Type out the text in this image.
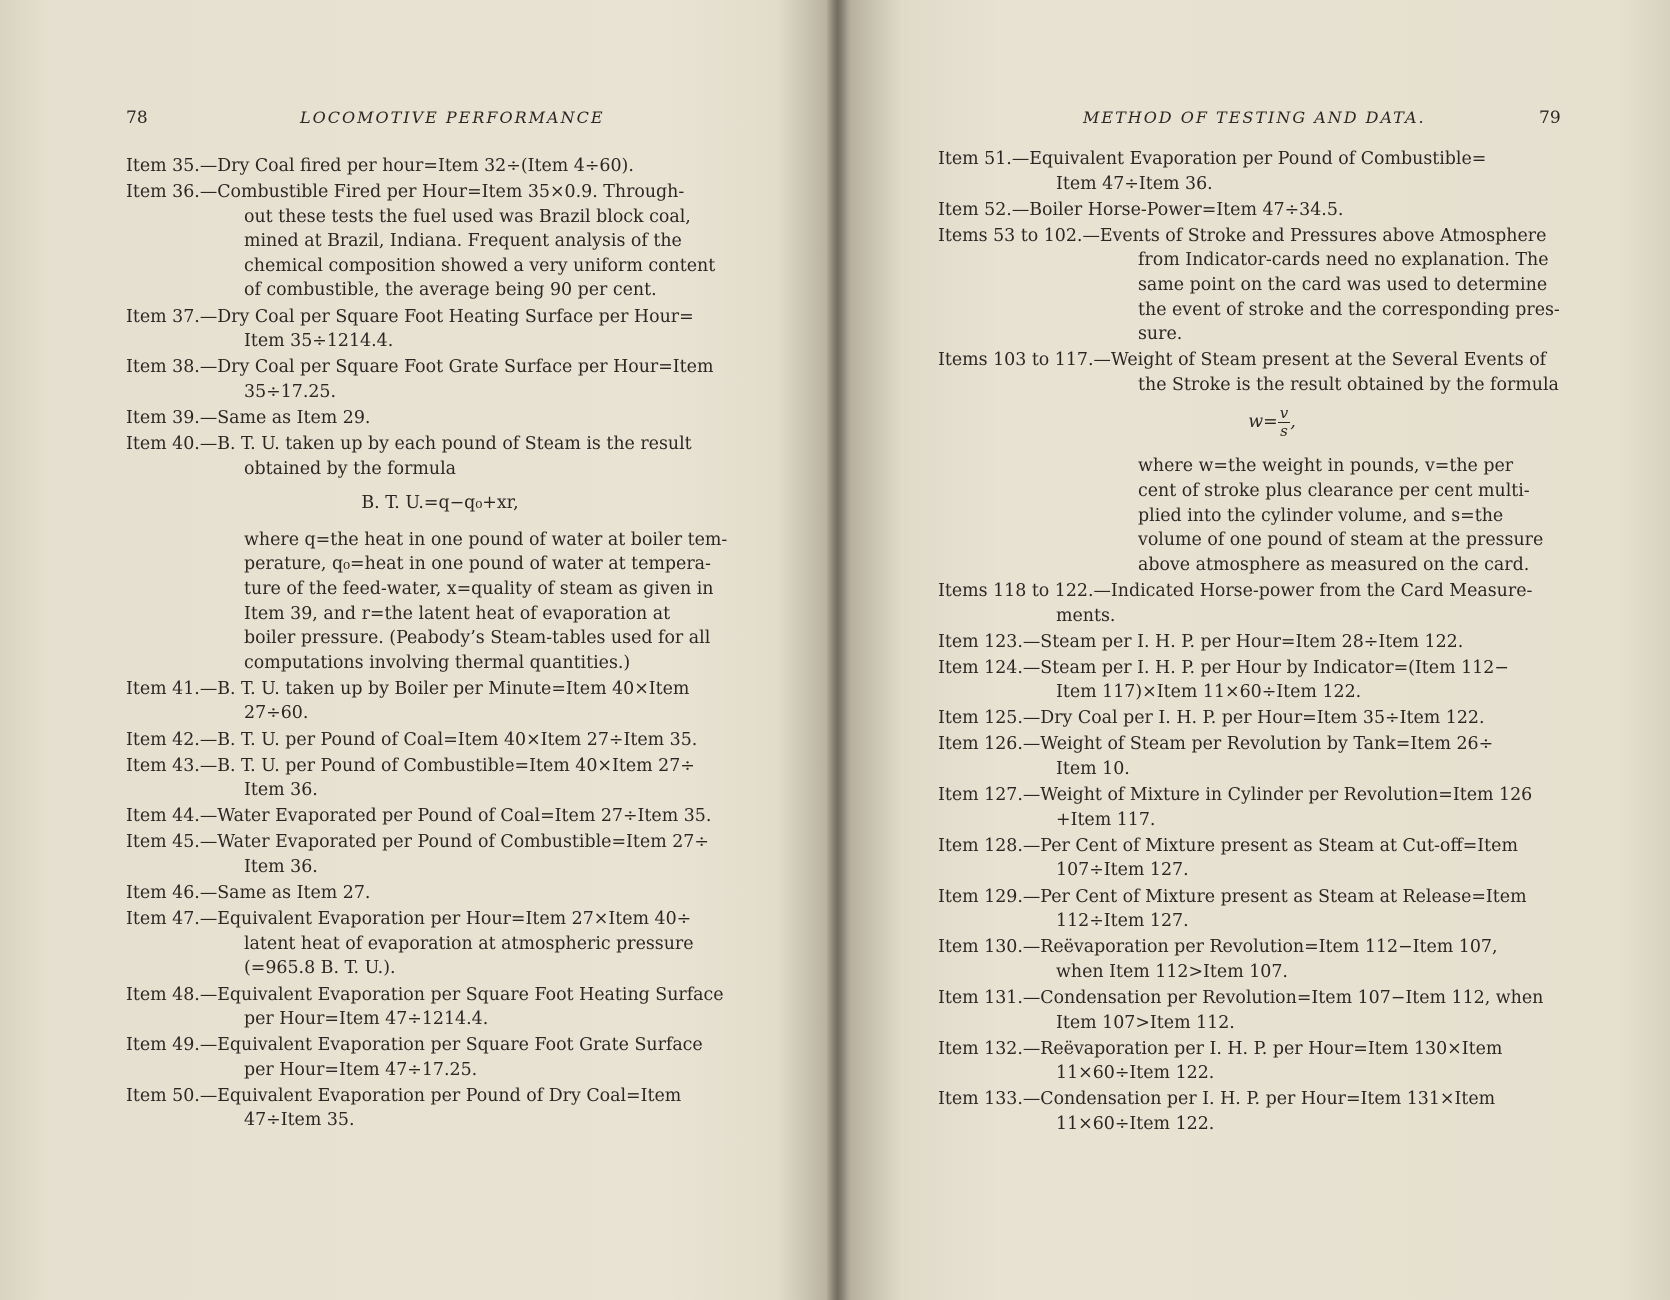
78	LOCOMOTIVE PERFORMANCE
Item 35.—Dry Coal fired per hour=Item 32÷(Item 4÷60).
Item 36.—Combustible Fired per Hour=Item 35×0.9. Through-
out these tests the fuel used was Brazil block coal,
mined at Brazil, Indiana. Frequent analysis of the
chemical composition showed a very uniform content
of combustible, the average being 90 per cent.
Item 37.—Dry Coal per Square Foot Heating Surface per Hour=
Item 35÷1214.4.
Item 38.—Dry Coal per Square Foot Grate Surface per Hour=Item
35÷17.25.
Item 39.—Same as Item 29.
Item 40.—B. T. U. taken up by each pound of Steam is the result
obtained by the formula
B. T. U.=q−q₀+xr,
where q=the heat in one pound of water at boiler tem-
perature, q₀=heat in one pound of water at tempera-
ture of the feed-water, x=quality of steam as given in
Item 39, and r=the latent heat of evaporation at
boiler pressure. (Peabody’s Steam-tables used for all
computations involving thermal quantities.)
Item 41.—B. T. U. taken up by Boiler per Minute=Item 40×Item
27÷60.
Item 42.—B. T. U. per Pound of Coal=Item 40×Item 27÷Item 35.
Item 43.—B. T. U. per Pound of Combustible=Item 40×Item 27÷
Item 36.
Item 44.—Water Evaporated per Pound of Coal=Item 27÷Item 35.
Item 45.—Water Evaporated per Pound of Combustible=Item 27÷
Item 36.
Item 46.—Same as Item 27.
Item 47.—Equivalent Evaporation per Hour=Item 27×Item 40÷
latent heat of evaporation at atmospheric pressure
(=965.8 B. T. U.).
Item 48.—Equivalent Evaporation per Square Foot Heating Surface
per Hour=Item 47÷1214.4.
Item 49.—Equivalent Evaporation per Square Foot Grate Surface
per Hour=Item 47÷17.25.
Item 50.—Equivalent Evaporation per Pound of Dry Coal=Item
47÷Item 35.
METHOD OF TESTING AND DATA.	79
Item 51.—Equivalent Evaporation per Pound of Combustible=
Item 47÷Item 36.
Item 52.—Boiler Horse-Power=Item 47÷34.5.
Items 53 to 102.—Events of Stroke and Pressures above Atmosphere
from Indicator-cards need no explanation. The
same point on the card was used to determine
the event of stroke and the corresponding pres-
sure.
Items 103 to 117.—Weight of Steam present at the Several Events of
the Stroke is the result obtained by the formula
$w= \frac{v}{s}$ ,
where w=the weight in pounds, v=the per
cent of stroke plus clearance per cent multi-
plied into the cylinder volume, and s=the
volume of one pound of steam at the pressure
above atmosphere as measured on the card.
Items 118 to 122.—Indicated Horse-power from the Card Measure-
ments.
Item 123.—Steam per I. H. P. per Hour=Item 28÷Item 122.
Item 124.—Steam per I. H. P. per Hour by Indicator=(Item 112−
Item 117)×Item 11×60÷Item 122.
Item 125.—Dry Coal per I. H. P. per Hour=Item 35÷Item 122.
Item 126.—Weight of Steam per Revolution by Tank=Item 26÷
Item 10.
Item 127.—Weight of Mixture in Cylinder per Revolution=Item 126
+Item 117.
Item 128.—Per Cent of Mixture present as Steam at Cut-off=Item
107÷Item 127.
Item 129.—Per Cent of Mixture present as Steam at Release=Item
112÷Item 127.
Item 130.—Reëvaporation per Revolution=Item 112−Item 107,
when Item 112>Item 107.
Item 131.—Condensation per Revolution=Item 107−Item 112, when
Item 107>Item 112.
Item 132.—Reëvaporation per I. H. P. per Hour=Item 130×Item
11×60÷Item 122.
Item 133.—Condensation per I. H. P. per Hour=Item 131×Item
11×60÷Item 122.
